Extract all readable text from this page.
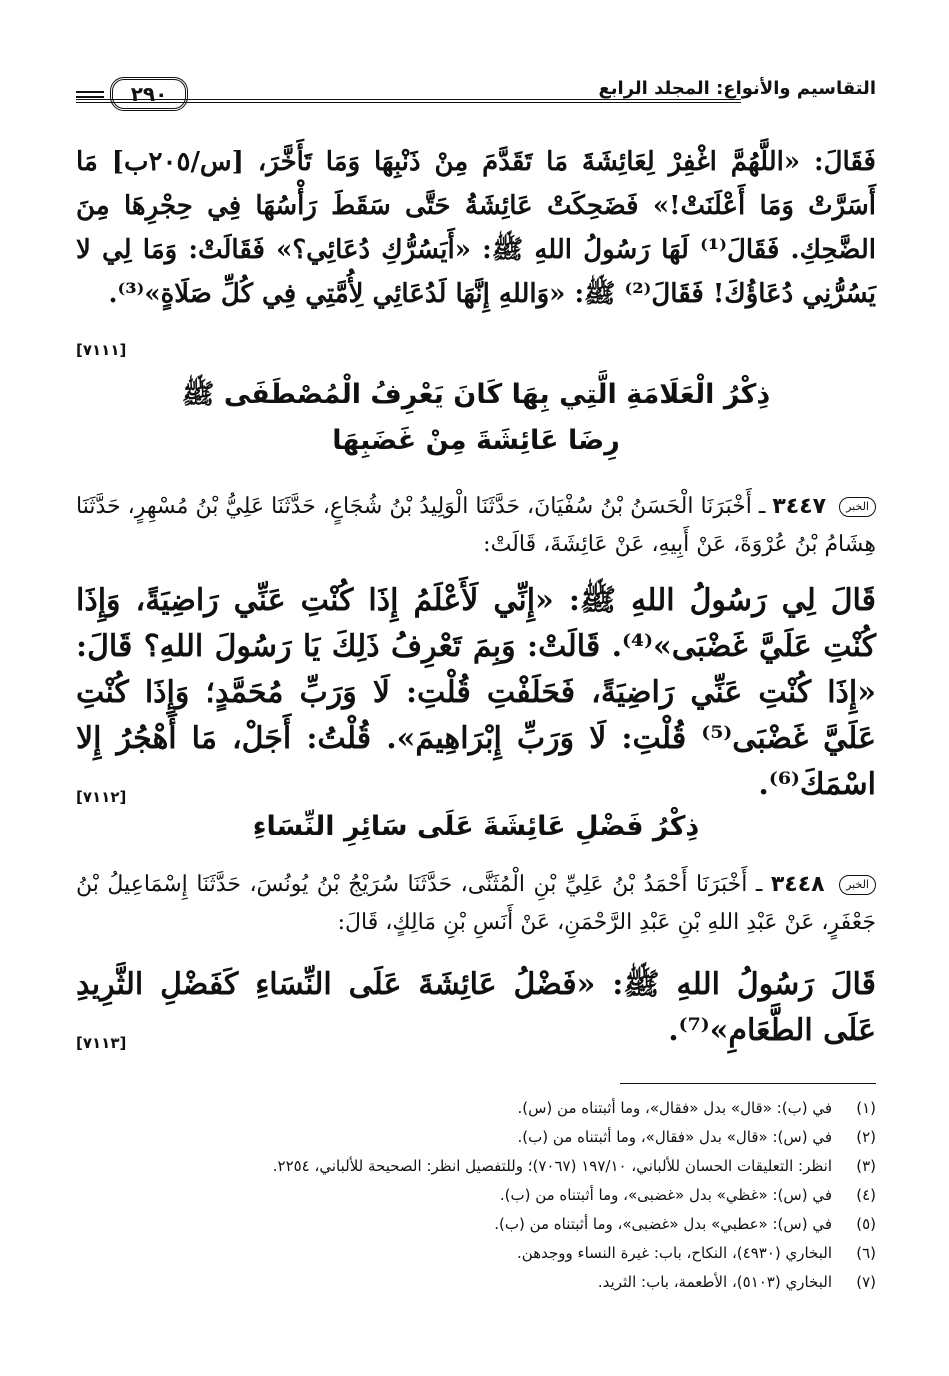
٢٩٠	التقاسيم والأنواع: المجلد الرابع
فَقَالَ: «اللَّهُمَّ اغْفِرْ لِعَائِشَةَ مَا تَقَدَّمَ مِنْ ذَنْبِهَا وَمَا تَأَخَّرَ، [س/٢٠٥ب] مَا أَسَرَّتْ وَمَا أَعْلَنَتْ!» فَضَحِكَتْ عَائِشَةُ حَتَّى سَقَطَ رَأْسُهَا فِي حِجْرِهَا مِنَ الضَّحِكِ. فَقَالَ⁽¹⁾ لَهَا رَسُولُ اللهِ ﷺ: «أَيَسُرُّكِ دُعَائِي؟» فَقَالَتْ: وَمَا لِي لا يَسُرُّنِي دُعَاؤُكَ! فَقَالَ⁽²⁾ ﷺ: «وَاللهِ إِنَّهَا لَدُعَائِي لِأُمَّتِي فِي كُلِّ صَلَاةٍ»⁽³⁾.
[٧١١١]
ذِكْرُ الْعَلَامَةِ الَّتِي بِهَا كَانَ يَعْرِفُ الْمُصْطَفَى ﷺ
رِضَا عَائِشَةَ مِنْ غَضَبِهَا
الخبر ٣٤٤٧ ـ أَخْبَرَنَا الْحَسَنُ بْنُ سُفْيَانَ، حَدَّثَنَا الْوَلِيدُ بْنُ شُجَاعٍ، حَدَّثَنَا عَلِيُّ بْنُ مُسْهِرٍ، حَدَّثَنَا هِشَامُ بْنُ عُرْوَةَ، عَنْ أَبِيهِ، عَنْ عَائِشَةَ، قَالَتْ:
قَالَ لِي رَسُولُ اللهِ ﷺ: «إِنِّي لَأَعْلَمُ إِذَا كُنْتِ عَنِّي رَاضِيَةً، وَإِذَا كُنْتِ عَلَيَّ غَضْبَى»⁽⁴⁾. قَالَتْ: وَبِمَ تَعْرِفُ ذَلِكَ يَا رَسُولَ اللهِ؟ قَالَ: «إِذَا كُنْتِ عَنِّي رَاضِيَةً، فَحَلَفْتِ قُلْتِ: لَا وَرَبِّ مُحَمَّدٍ؛ وَإِذَا كُنْتِ عَلَيَّ غَضْبَى⁽⁵⁾ قُلْتِ: لَا وَرَبِّ إِبْرَاهِيمَ». قُلْتُ: أَجَلْ، مَا أَهْجُرُ إِلا اسْمَكَ⁽⁶⁾.
[٧١١٢]
ذِكْرُ فَضْلِ عَائِشَةَ عَلَى سَائِرِ النِّسَاءِ
الخبر ٣٤٤٨ ـ أَخْبَرَنَا أَحْمَدُ بْنُ عَلِيِّ بْنِ الْمُثَنَّى، حَدَّثَنَا سُرَيْجُ بْنُ يُونُسَ، حَدَّثَنَا إِسْمَاعِيلُ بْنُ جَعْفَرٍ، عَنْ عَبْدِ اللهِ بْنِ عَبْدِ الرَّحْمَنِ، عَنْ أَنَسِ بْنِ مَالِكٍ، قَالَ:
قَالَ رَسُولُ اللهِ ﷺ: «فَضْلُ عَائِشَةَ عَلَى النِّسَاءِ كَفَضْلِ الثَّرِيدِ عَلَى الطَّعَامِ»⁽⁷⁾.
[٧١١٣]
(١)
في (ب): «قال» بدل «فقال»، وما أثبتناه من (س).
(٢)
في (س): «قال» بدل «فقال»، وما أثبتناه من (ب).
(٣)
انظر: التعليقات الحسان للألباني، ١٩٧/١٠ (٧٠٦٧)؛ وللتفصيل انظر: الصحيحة للألباني، ٢٢٥٤.
(٤)
في (س): «غظي» بدل «غضبى»، وما أثبتناه من (ب).
(٥)
في (س): «عطبي» بدل «غضبى»، وما أثبتناه من (ب).
(٦)
البخاري (٤٩٣٠)، النكاح، باب: غيرة النساء ووجدهن.
(٧)
البخاري (٥١٠٣)، الأطعمة، باب: الثريد.
